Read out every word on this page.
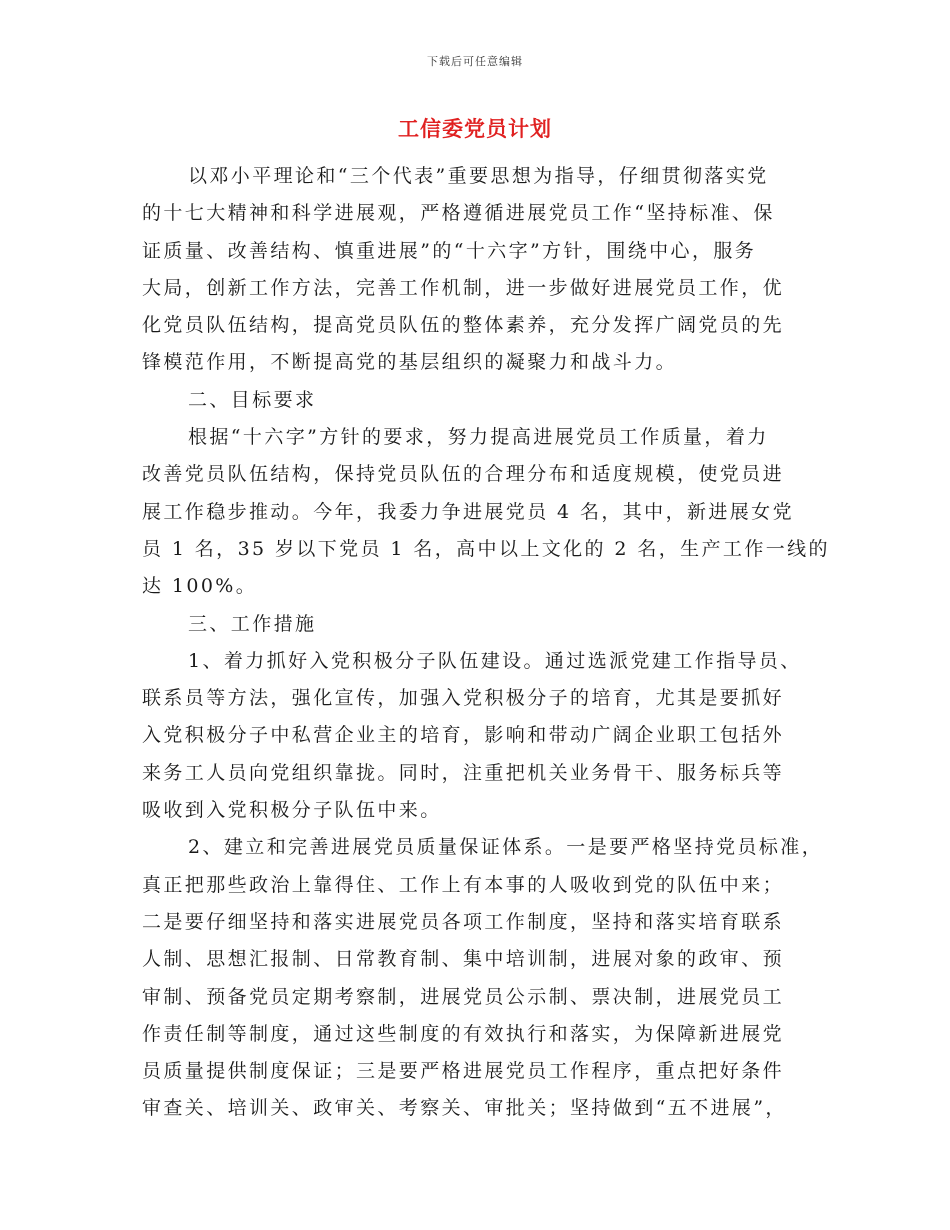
下载后可任意编辑
工信委党员计划
以邓小平理论和“三个代表”重要思想为指导，仔细贯彻落实党
的十七大精神和科学进展观，严格遵循进展党员工作“坚持标准、保
证质量、改善结构、慎重进展”的“十六字”方针，围绕中心，服务
大局，创新工作方法，完善工作机制，进一步做好进展党员工作，优
化党员队伍结构，提高党员队伍的整体素养，充分发挥广阔党员的先
锋模范作用，不断提高党的基层组织的凝聚力和战斗力。
二、目标要求
根据“十六字”方针的要求，努力提高进展党员工作质量，着力
改善党员队伍结构，保持党员队伍的合理分布和适度规模，使党员进
展工作稳步推动。今年，我委力争进展党员 4 名，其中，新进展女党
员 1 名，35 岁以下党员 1 名，高中以上文化的 2 名，生产工作一线的
达 100%。
三、工作措施
1、着力抓好入党积极分子队伍建设。通过选派党建工作指导员、
联系员等方法，强化宣传，加强入党积极分子的培育，尤其是要抓好
入党积极分子中私营企业主的培育，影响和带动广阔企业职工包括外
来务工人员向党组织靠拢。同时，注重把机关业务骨干、服务标兵等
吸收到入党积极分子队伍中来。
2、建立和完善进展党员质量保证体系。一是要严格坚持党员标准，
真正把那些政治上靠得住、工作上有本事的人吸收到党的队伍中来；
二是要仔细坚持和落实进展党员各项工作制度，坚持和落实培育联系
人制、思想汇报制、日常教育制、集中培训制，进展对象的政审、预
审制、预备党员定期考察制，进展党员公示制、票决制，进展党员工
作责任制等制度，通过这些制度的有效执行和落实，为保障新进展党
员质量提供制度保证；三是要严格进展党员工作程序，重点把好条件
审查关、培训关、政审关、考察关、审批关；坚持做到“五不进展”，
